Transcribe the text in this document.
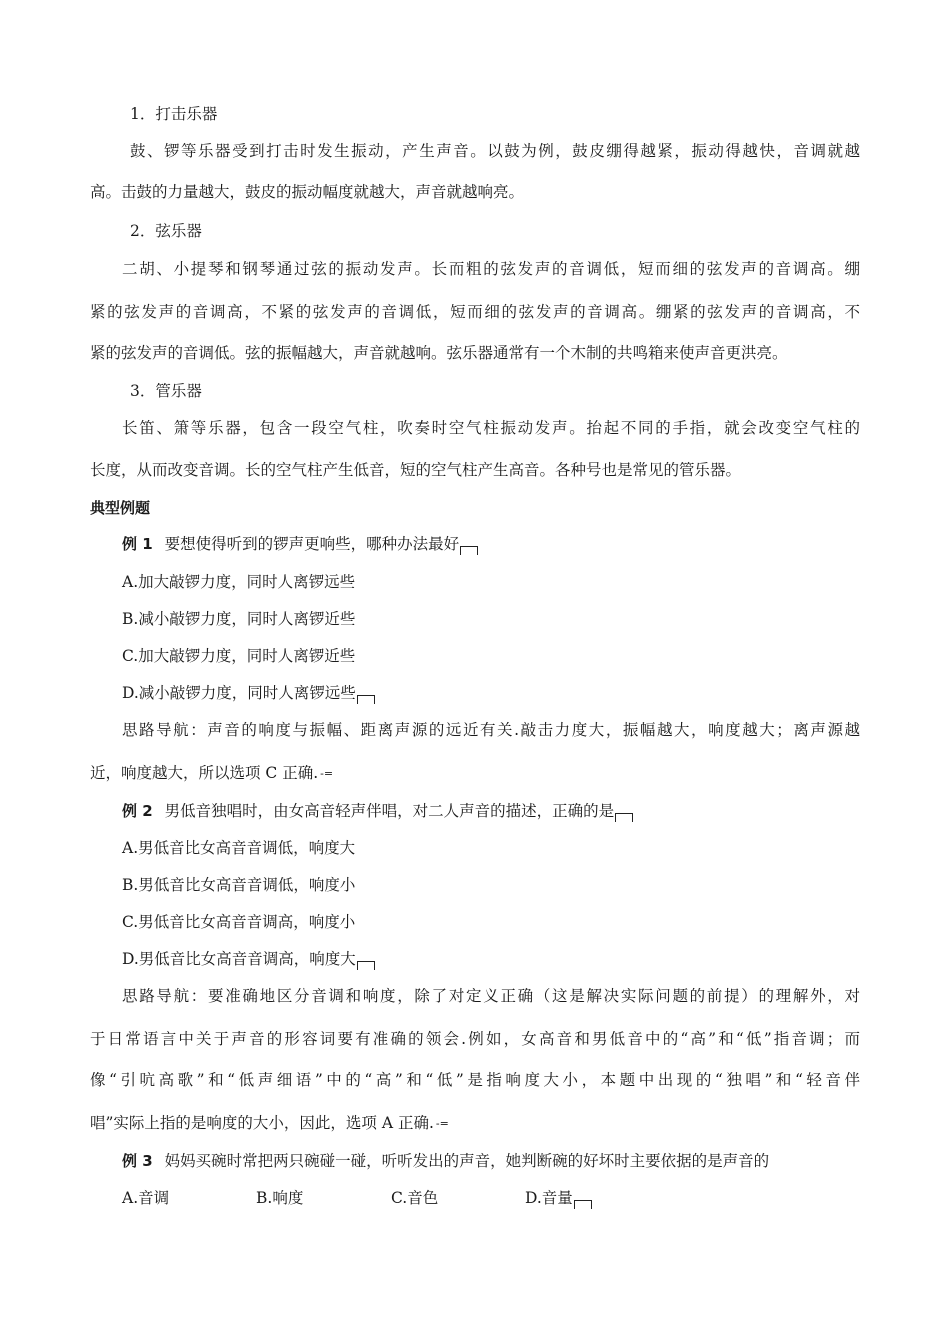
1．打击乐器
鼓、锣等乐器受到打击时发生振动，产生声音。以鼓为例，鼓皮绷得越紧，振动得越快，音调就越
高。击鼓的力量越大，鼓皮的振动幅度就越大，声音就越响亮。
2．弦乐器
二胡、小提琴和钢琴通过弦的振动发声。长而粗的弦发声的音调低，短而细的弦发声的音调高。绷
紧的弦发声的音调高，不紧的弦发声的音调低，短而细的弦发声的音调高。绷紧的弦发声的音调高，不
紧的弦发声的音调低。弦的振幅越大，声音就越响。弦乐器通常有一个木制的共鸣箱来使声音更洪亮。
3．管乐器
长笛、箫等乐器，包含一段空气柱，吹奏时空气柱振动发声。抬起不同的手指，就会改变空气柱的
长度，从而改变音调。长的空气柱产生低音，短的空气柱产生高音。各种号也是常见的管乐器。
典型例题
例 1 要想使得听到的锣声更响些，哪种办法最好
A.加大敲锣力度，同时人离锣远些
B.减小敲锣力度，同时人离锣近些
C.加大敲锣力度，同时人离锣近些
D.减小敲锣力度，同时人离锣远些
思路导航：声音的响度与振幅、距离声源的远近有关.敲击力度大，振幅越大，响度越大；离声源越
近，响度越大，所以选项 C 正确. -=
例 2 男低音独唱时，由女高音轻声伴唱，对二人声音的描述，正确的是
A.男低音比女高音音调低，响度大
B.男低音比女高音音调低，响度小
C.男低音比女高音音调高，响度小
D.男低音比女高音音调高，响度大
思路导航：要准确地区分音调和响度，除了对定义正确（这是解决实际问题的前提）的理解外，对
于日常语言中关于声音的形容词要有准确的领会.例如，女高音和男低音中的“高”和“低”指音调；而
像“引吭高歌”和“低声细语”中的“高”和“低”是指响度大小，本题中出现的“独唱”和“轻音伴
唱”实际上指的是响度的大小，因此，选项 A 正确. -=
例 3 妈妈买碗时常把两只碗碰一碰，听听发出的声音，她判断碗的好坏时主要依据的是声音的
A.音调	B.响度	C.音色	D.音量
